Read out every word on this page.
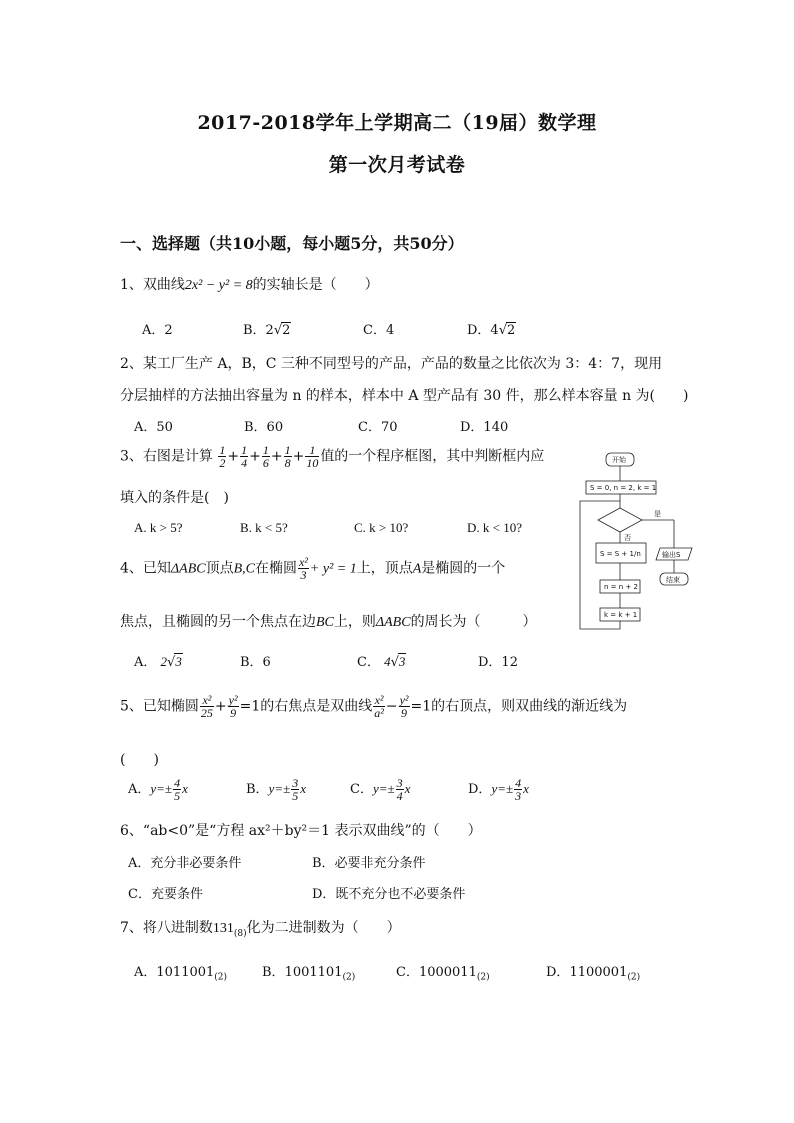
2017-2018学年上学期高二（19届）数学理
第一次月考试卷
一、选择题（共10小题，每小题5分，共50分）
1、双曲线2x² − y² = 8的实轴长是（　　）
A．2	B．2√2	C．4	D．4√2
2、某工厂生产 A，B，C 三种不同型号的产品，产品的数量之比依次为 3：4：7，现用
分层抽样的方法抽出容量为 n 的样本，样本中 A 型产品有 30 件，那么样本容量 n 为(　　)
A．50	B．60	C．70	D．140
3、右图是计算 $\frac{1}{2} + \frac{1}{4} + \frac{1}{6} + \frac{1}{8} + \frac{1}{10}$ 值的一个程序框图，其中判断框内应
填入的条件是(　)
A. k > 5?	B. k < 5?	C. k > 10?	D. k < 10?
开始
S = 0, n = 2, k = 1
是
否
S = S + 1/n
n = n + 2
k = k + 1
输出S
结束
4、已知ΔABC顶点B,C在椭圆 $\frac{\text{x²}}{3} + y^2 = 1$上，顶点A是椭圆的一个
焦点，且椭圆的另一个焦点在边BC上，则ΔABC的周长为（　　　）
A． 2√3	B．6	C． 4√3	D．12
5、已知椭圆 $\frac{\text{x²}}{25} + \frac{\text{y²}}{9} =1$的右焦点是双曲线 $\frac{\text{x²}}{\text{a²}} - \frac{\text{y²}}{9} =1$的右顶点，则双曲线的渐近线为
(　　)
A．$y=\pm \frac{4}{5}$ x	B．$y=\pm \frac{3}{5}$ x	C．$y=\pm \frac{3}{4}$ x	D．$y=\pm \frac{4}{3}$ x
6、“ab<0”是“方程 ax²＋by²＝1 表示双曲线”的（　　）
A．充分非必要条件	B．必要非充分条件
C．充要条件	D．既不充分也不必要条件
7、将八进制数$131_{(8)}$化为二进制数为（　　）
A．$1011001_{(2)}$	B．$1001101_{(2)}$	C．$1000011_{(2)}$	D．$1100001_{(2)}$
